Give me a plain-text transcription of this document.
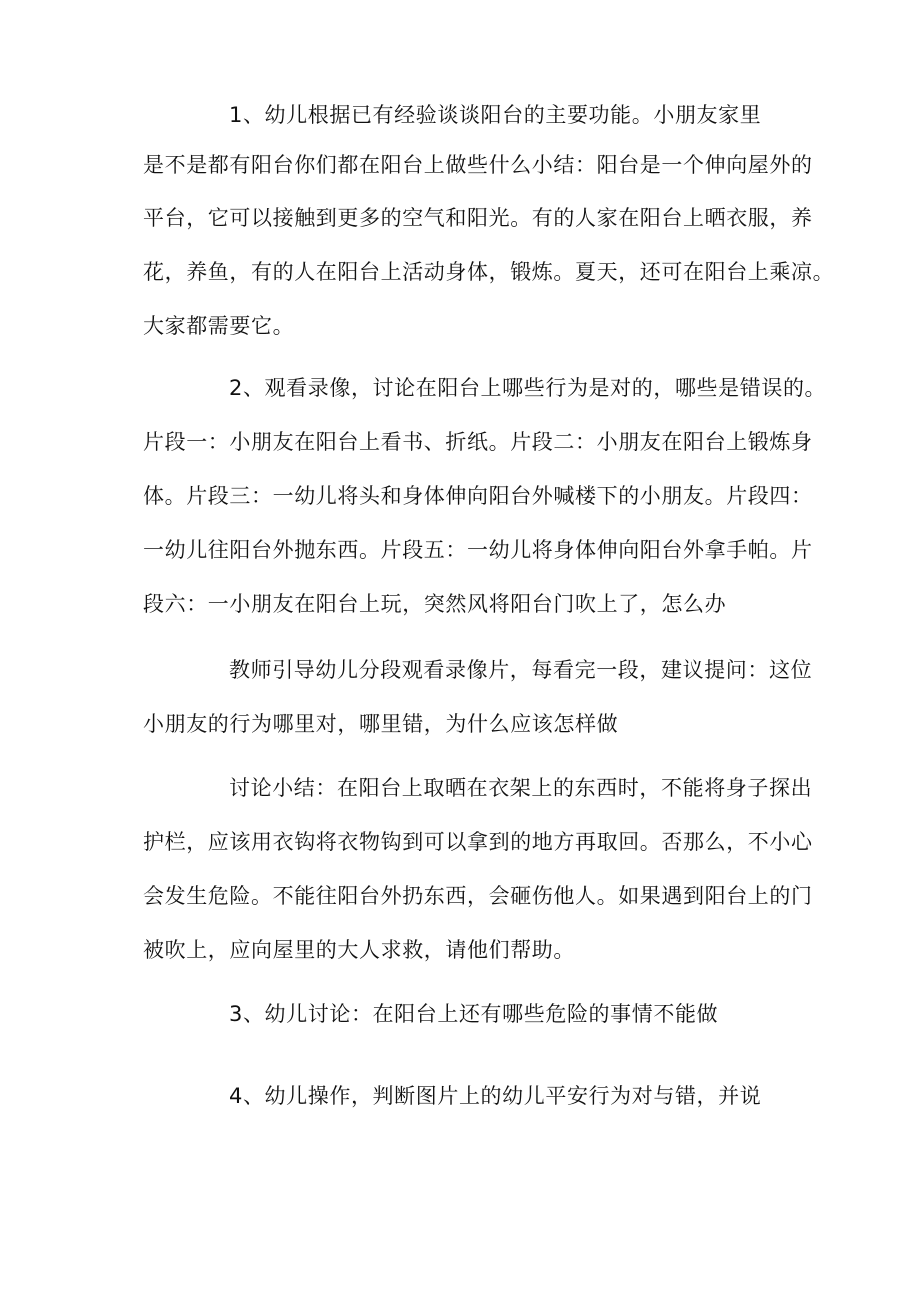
1、幼儿根据已有经验谈谈阳台的主要功能。小朋友家里
是不是都有阳台你们都在阳台上做些什么小结：阳台是一个伸向屋外的
平台，它可以接触到更多的空气和阳光。有的人家在阳台上晒衣服，养
花，养鱼，有的人在阳台上活动身体，锻炼。夏天，还可在阳台上乘凉。
大家都需要它。
2、观看录像，讨论在阳台上哪些行为是对的，哪些是错误的。
片段一：小朋友在阳台上看书、折纸。片段二：小朋友在阳台上锻炼身
体。片段三：一幼儿将头和身体伸向阳台外喊楼下的小朋友。片段四：
一幼儿往阳台外抛东西。片段五：一幼儿将身体伸向阳台外拿手帕。片
段六：一小朋友在阳台上玩，突然风将阳台门吹上了，怎么办
教师引导幼儿分段观看录像片，每看完一段，建议提问：这位
小朋友的行为哪里对，哪里错，为什么应该怎样做
讨论小结：在阳台上取晒在衣架上的东西时，不能将身子探出
护栏，应该用衣钩将衣物钩到可以拿到的地方再取回。否那么，不小心
会发生危险。不能往阳台外扔东西，会砸伤他人。如果遇到阳台上的门
被吹上，应向屋里的大人求救，请他们帮助。
3、幼儿讨论：在阳台上还有哪些危险的事情不能做
4、幼儿操作，判断图片上的幼儿平安行为对与错，并说
